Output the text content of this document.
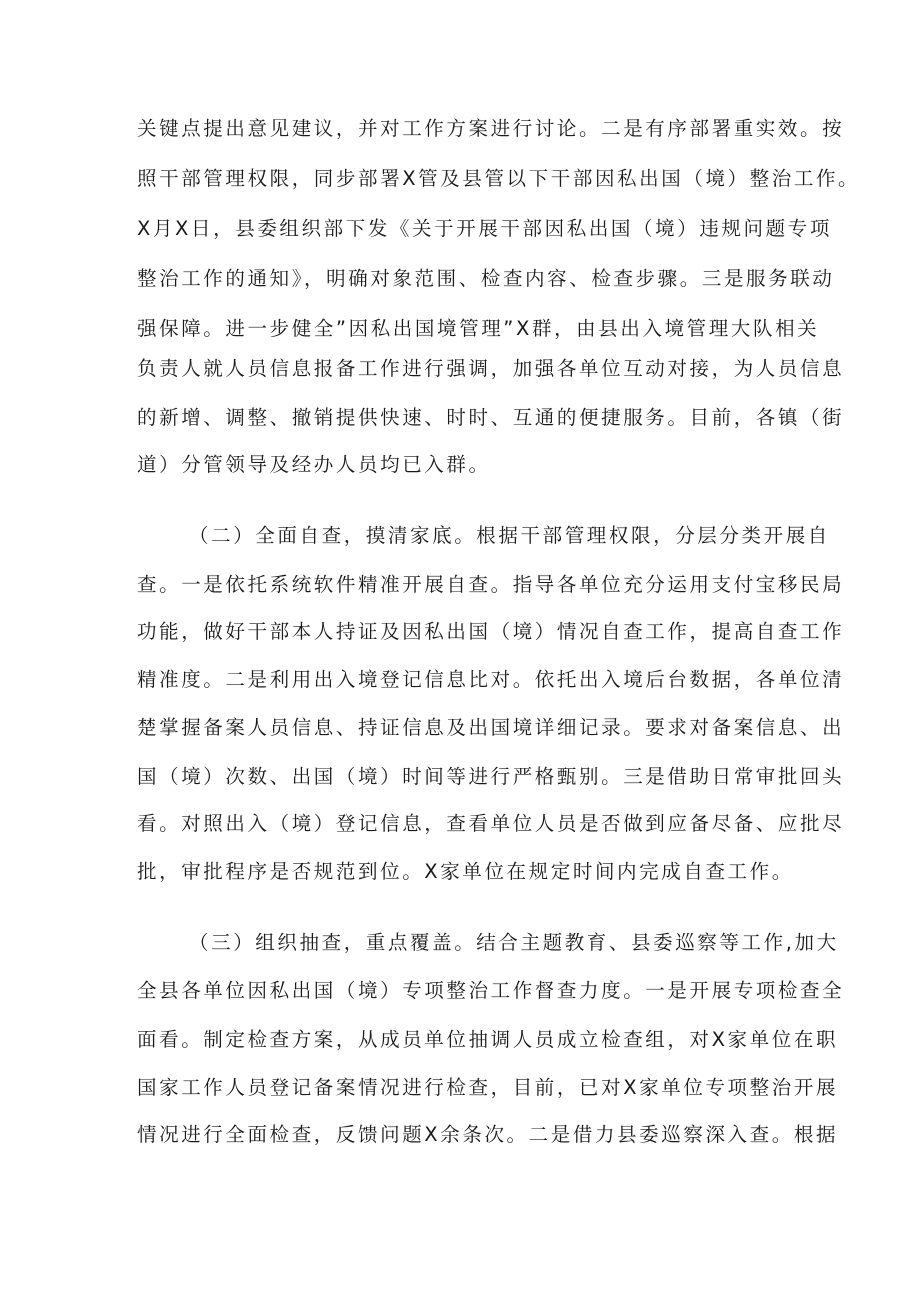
关键点提出意见建议，并对工作方案进行讨论。二是有序部署重实效。按
照干部管理权限，同步部署X管及县管以下干部因私出国（境）整治工作。
X月X日，县委组织部下发《关于开展干部因私出国（境）违规问题专项
整治工作的通知》，明确对象范围、检查内容、检查步骤。三是服务联动
强保障。进一步健全”因私出国境管理”X群，由县出入境管理大队相关
负责人就人员信息报备工作进行强调，加强各单位互动对接，为人员信息
的新增、调整、撤销提供快速、时时、互通的便捷服务。目前，各镇（街
道）分管领导及经办人员均已入群。
（二）全面自查，摸清家底。根据干部管理权限，分层分类开展自
查。一是依托系统软件精准开展自查。指导各单位充分运用支付宝移民局
功能，做好干部本人持证及因私出国（境）情况自查工作，提高自查工作
精准度。二是利用出入境登记信息比对。依托出入境后台数据，各单位清
楚掌握备案人员信息、持证信息及出国境详细记录。要求对备案信息、出
国（境）次数、出国（境）时间等进行严格甄别。三是借助日常审批回头
看。对照出入（境）登记信息，查看单位人员是否做到应备尽备、应批尽
批，审批程序是否规范到位。X家单位在规定时间内完成自查工作。
（三）组织抽查，重点覆盖。结合主题教育、县委巡察等工作,加大
全县各单位因私出国（境）专项整治工作督查力度。一是开展专项检查全
面看。制定检查方案，从成员单位抽调人员成立检查组，对X家单位在职
国家工作人员登记备案情况进行检查，目前，已对X家单位专项整治开展
情况进行全面检查，反馈问题X余条次。二是借力县委巡察深入查。根据
